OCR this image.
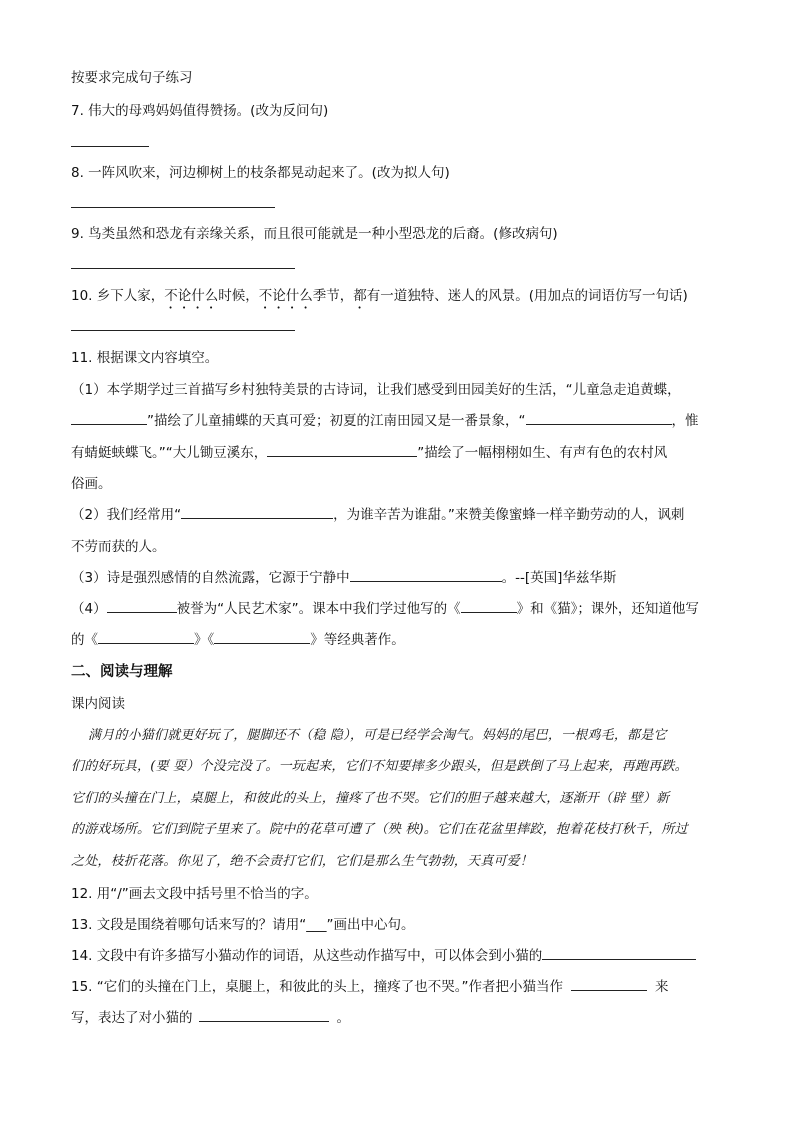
按要求完成句子练习
7. 伟大的母鸡妈妈值得赞扬。(改为反问句)
8. 一阵风吹来，河边柳树上的枝条都晃动起来了。(改为拟人句)
9. 鸟类虽然和恐龙有亲缘关系，而且很可能就是一种小型恐龙的后裔。(修改病句)
10. 乡下人家，不论什么时候，不论什么季节，都有一道独特、迷人的风景。(用加点的词语仿写一句话)
11. 根据课文内容填空。
（1）本学期学过三首描写乡村独特美景的古诗词，让我们感受到田园美好的生活，“儿童急走追黄蝶，
”描绘了儿童捕蝶的天真可爱；初夏的江南田园又是一番景象，“	，惟
有蜻蜓蛱蝶飞。”“大儿锄豆溪东，	”描绘了一幅栩栩如生、有声有色的农村风
俗画。
（2）我们经常用“	，为谁辛苦为谁甜。”来赞美像蜜蜂一样辛勤劳动的人，讽刺
不劳而获的人。
（3）诗是强烈感情的自然流露，它源于宁静中	。--[英国]华兹华斯
（4）	被誉为“人民艺术家”。课本中我们学过他写的《	》和《猫》；课外，还知道他写
的《	》《	》等经典著作。
二、阅读与理解
课内阅读
满月的小猫们就更好玩了，腿脚还不（稳 隐），可是已经学会淘气。妈妈的尾巴，一根鸡毛，都是它
们的好玩具，(要 耍）个没完没了。一玩起来，它们不知要摔多少跟头，但是跌倒了马上起来，再跑再跌。
它们的头撞在门上，桌腿上，和彼此的头上，撞疼了也不哭。它们的胆子越来越大，逐渐开（辟 壁）新
的游戏场所。它们到院子里来了。院中的花草可遭了（殃 秧)。它们在花盆里摔跤，抱着花枝打秋千，所过
之处，枝折花落。你见了，绝不会责打它们，它们是那么生气勃勃，天真可爱！
12. 用“/”画去文段中括号里不恰当的字。
13. 文段是围绕着哪句话来写的？请用“___”画出中心句。
14. 文段中有许多描写小猫动作的词语，从这些动作描写中，可以体会到小猫的
15. “它们的头撞在门上，桌腿上，和彼此的头上，撞疼了也不哭。”作者把小猫当作	来
写，表达了对小猫的	。
